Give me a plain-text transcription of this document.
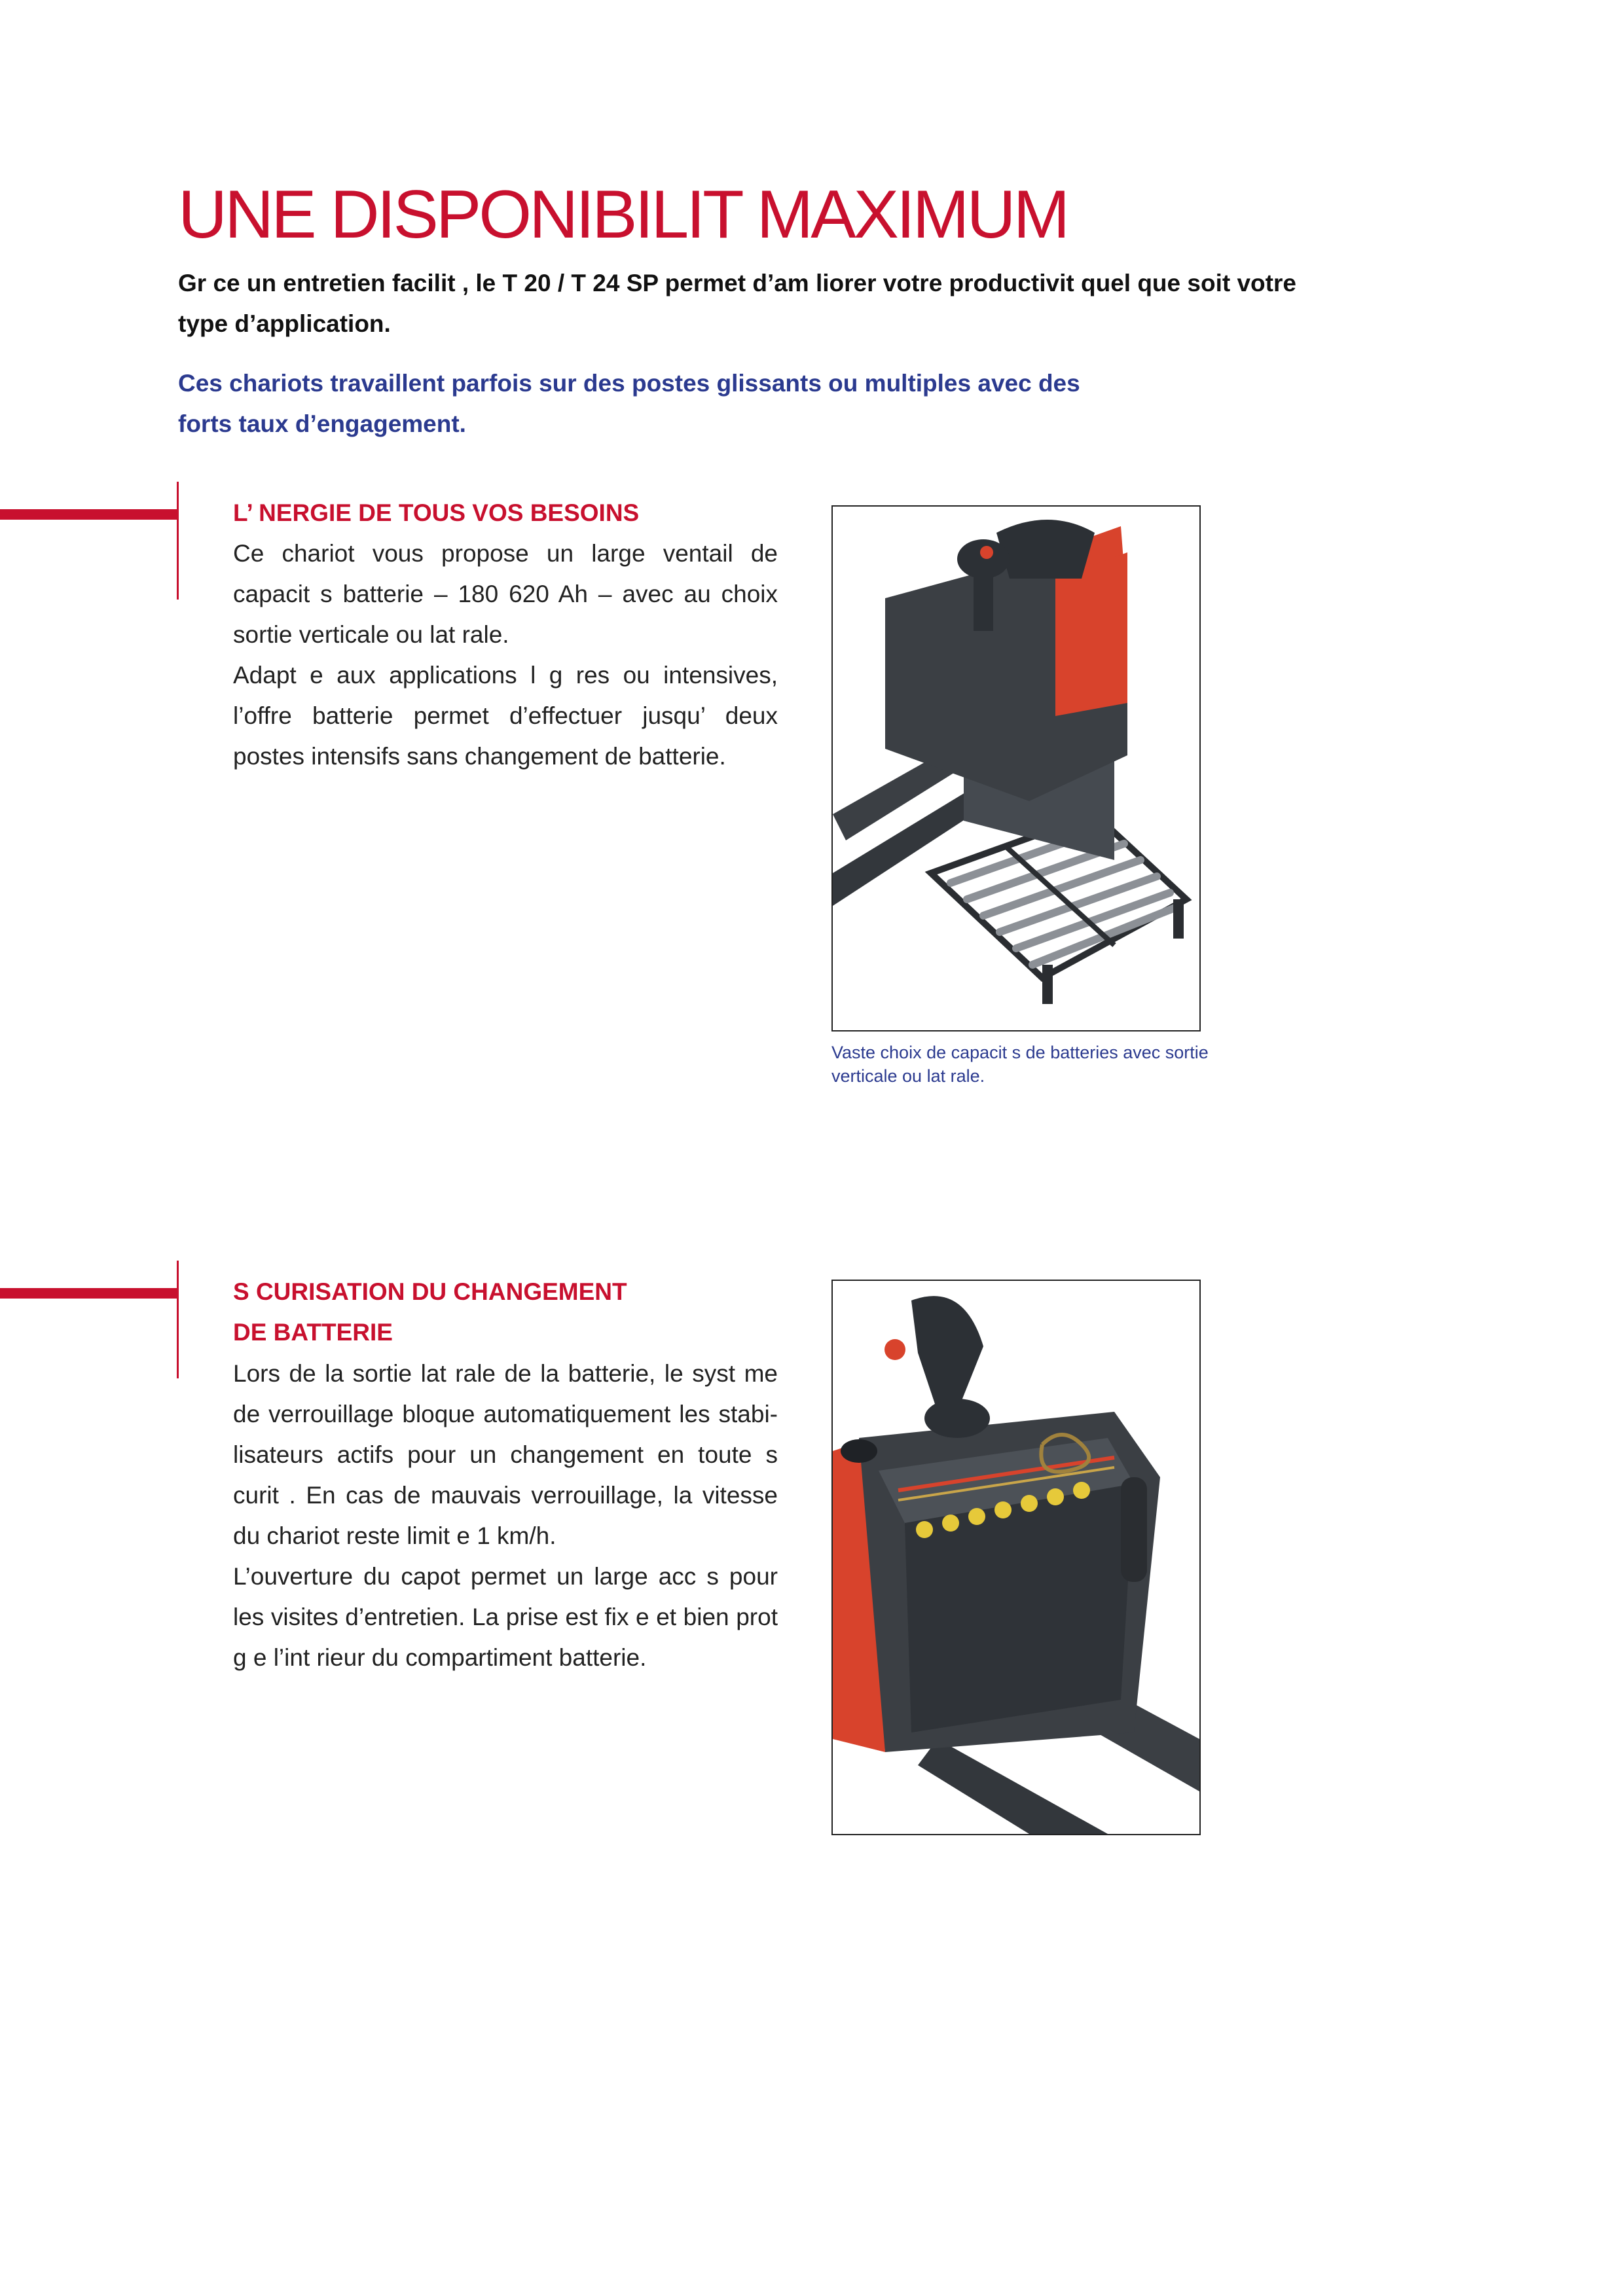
UNE DISPONIBILIT MAXIMUM

Gr ce un entretien facilit , le T 20 / T 24 SP permet d’am liorer votre productivit quel que soit votre type d’application.

Ces chariots travaillent parfois sur des postes glissants ou multiples avec des forts taux d’engagement.

L’ NERGIE DE TOUS VOS BESOINS

Ce chariot vous propose un large ventail de capacit s batterie – 180 620 Ah – avec au choix sortie verticale ou lat rale.

Adapt e aux applications l g res ou intensives, l’offre batterie permet d’effectuer jusqu’ deux postes intensifs sans changement de batterie.

Vaste choix de capacit s de batteries avec sortie verticale ou lat rale.

S CURISATION DU CHANGEMENT
DE BATTERIE

Lors de la sortie lat rale de la batterie, le syst me de verrouillage bloque automatiquement les stabi-lisateurs actifs pour un changement en toute s curit . En cas de mauvais verrouillage, la vitesse du chariot reste limit e 1 km/h.

L’ouverture du capot permet un large acc s pour les visites d’entretien. La prise est fix e et bien prot g e l’int rieur du compartiment batterie.
